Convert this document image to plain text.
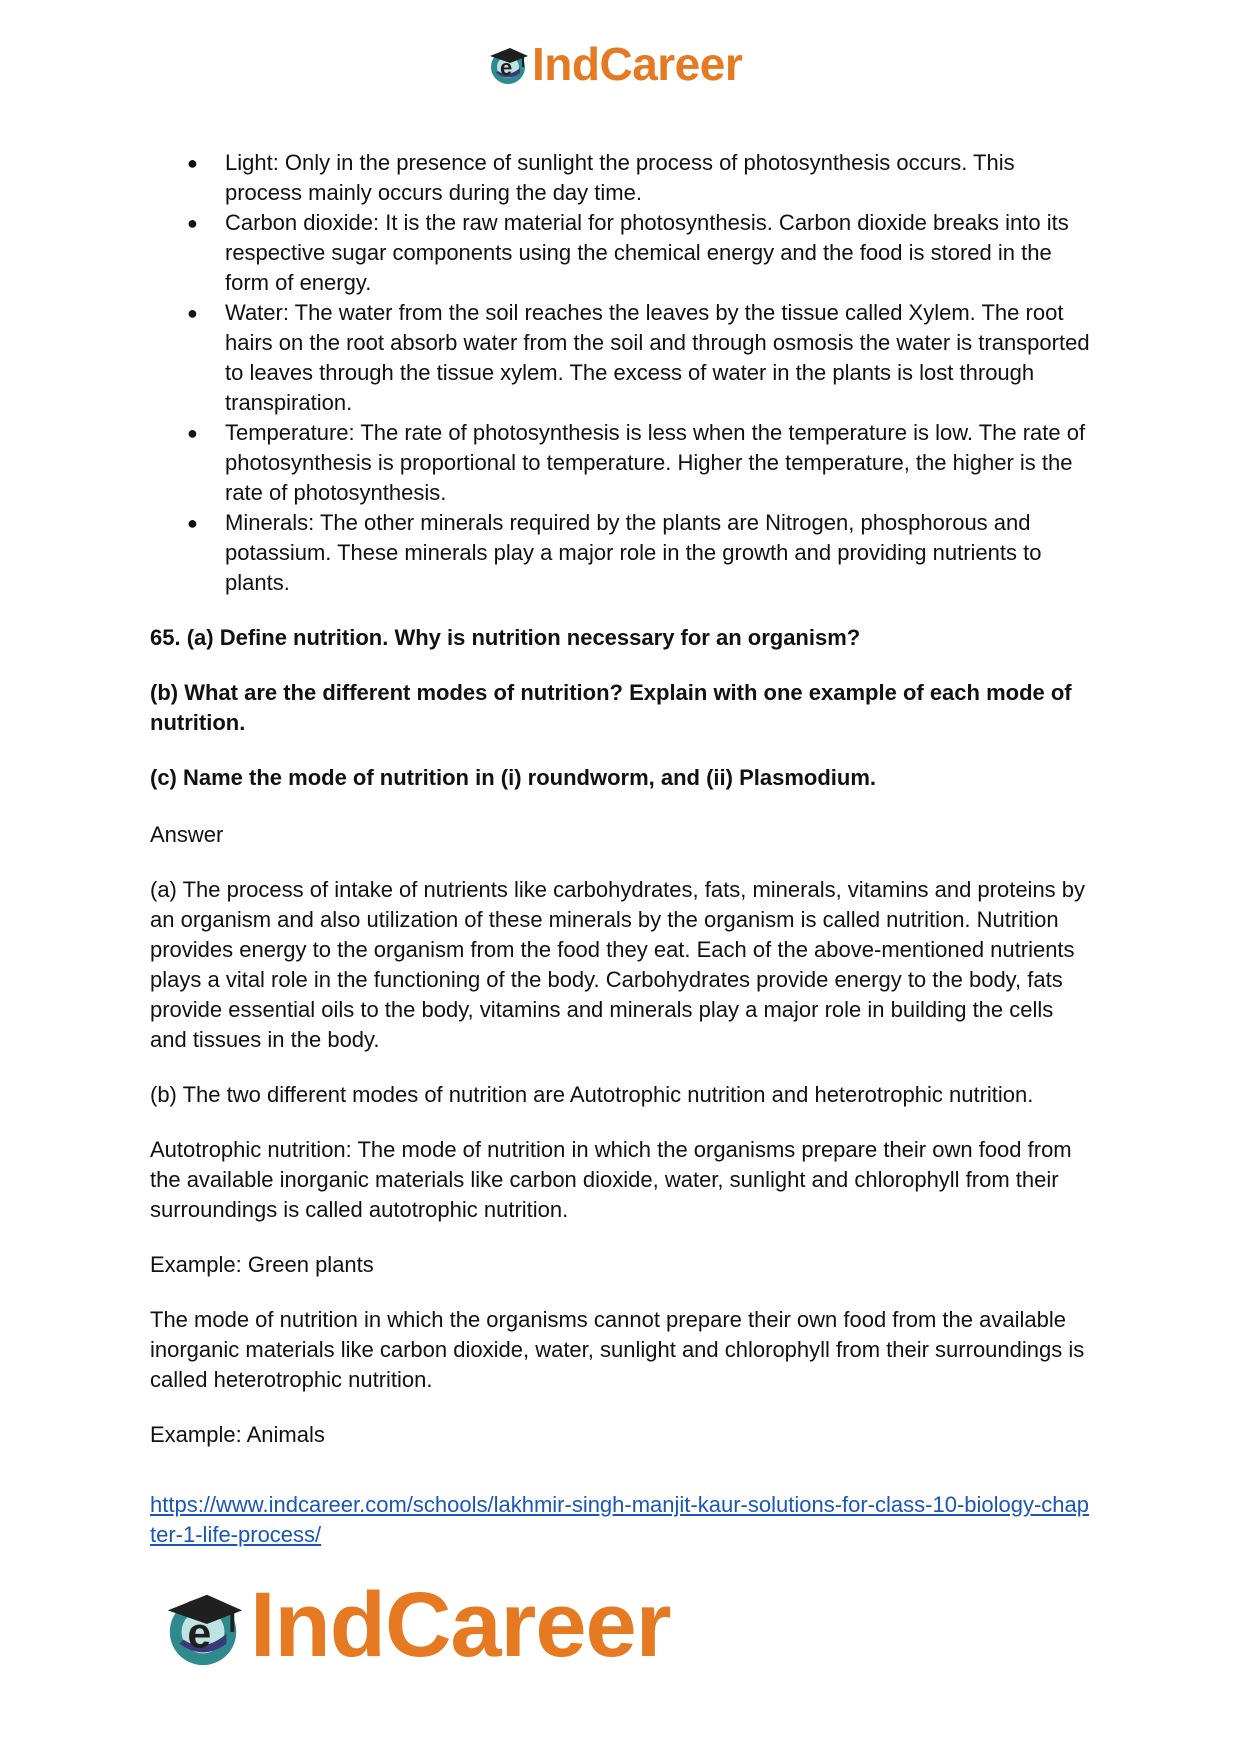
e IndCareer
● Light: Only in the presence of sunlight the process of photosynthesis occurs. This process mainly occurs during the day time.
● Carbon dioxide: It is the raw material for photosynthesis. Carbon dioxide breaks into its respective sugar components using the chemical energy and the food is stored in the form of energy.
● Water: The water from the soil reaches the leaves by the tissue called Xylem. The root hairs on the root absorb water from the soil and through osmosis the water is transported to leaves through the tissue xylem. The excess of water in the plants is lost through transpiration.
● Temperature: The rate of photosynthesis is less when the temperature is low. The rate of photosynthesis is proportional to temperature. Higher the temperature, the higher is the rate of photosynthesis.
● Minerals: The other minerals required by the plants are Nitrogen, phosphorous and potassium. These minerals play a major role in the growth and providing nutrients to plants.

65. (a) Define nutrition. Why is nutrition necessary for an organism?

(b) What are the different modes of nutrition? Explain with one example of each mode of nutrition.

(c) Name the mode of nutrition in (i) roundworm, and (ii) Plasmodium.

Answer

(a) The process of intake of nutrients like carbohydrates, fats, minerals, vitamins and proteins by an organism and also utilization of these minerals by the organism is called nutrition. Nutrition provides energy to the organism from the food they eat. Each of the above-mentioned nutrients plays a vital role in the functioning of the body. Carbohydrates provide energy to the body, fats provide essential oils to the body, vitamins and minerals play a major role in building the cells and tissues in the body.

(b) The two different modes of nutrition are Autotrophic nutrition and heterotrophic nutrition.

Autotrophic nutrition: The mode of nutrition in which the organisms prepare their own food from the available inorganic materials like carbon dioxide, water, sunlight and chlorophyll from their surroundings is called autotrophic nutrition.

Example: Green plants

The mode of nutrition in which the organisms cannot prepare their own food from the available inorganic materials like carbon dioxide, water, sunlight and chlorophyll from their surroundings is called heterotrophic nutrition.

Example: Animals

https://www.indcareer.com/schools/lakhmir-singh-manjit-kaur-solutions-for-class-10-biology-chapter-1-life-process/
e IndCareer
